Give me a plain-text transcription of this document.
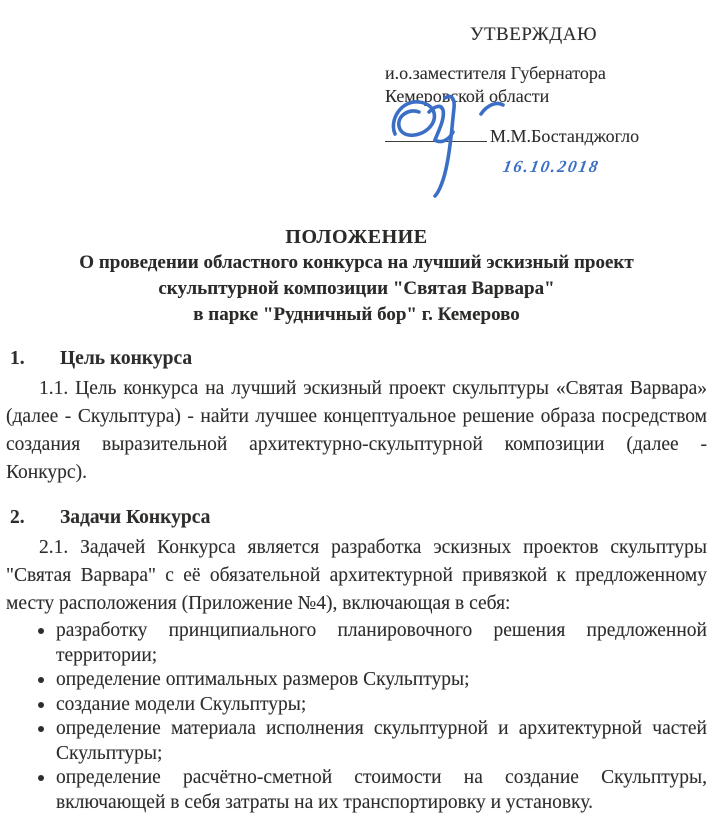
УТВЕРЖДАЮ
и.о.заместителя Губернатора
Кемеровской области
М.М.Бостанджогло
16.10.2018
ПОЛОЖЕНИЕ
О проведении областного конкурса на лучший эскизный проект
скульптурной композиции "Святая Варвара"
в парке "Рудничный бор" г. Кемерово
1.	Цель конкурса

1.1. Цель конкурса на лучший эскизный проект скульптуры «Святая Варвара» (далее - Скульптура) - найти лучшее концептуальное решение образа посредством создания выразительной архитектурно-скульптурной композиции (далее - Конкурс).

2.	Задачи Конкурса

2.1. Задачей Конкурса является разработка эскизных проектов скульптуры "Святая Варвара" с её обязательной архитектурной привязкой к предложенному месту расположения (Приложение №4), включающая в себя:

разработку принципиального планировочного решения предложенной территории;
определение оптимальных размеров Скульптуры;
создание модели Скульптуры;
определение материала исполнения скульптурной и архитектурной частей Скульптуры;
определение расчётно-сметной стоимости на создание Скульптуры, включающей в себя затраты на их транспортировку и установку.
